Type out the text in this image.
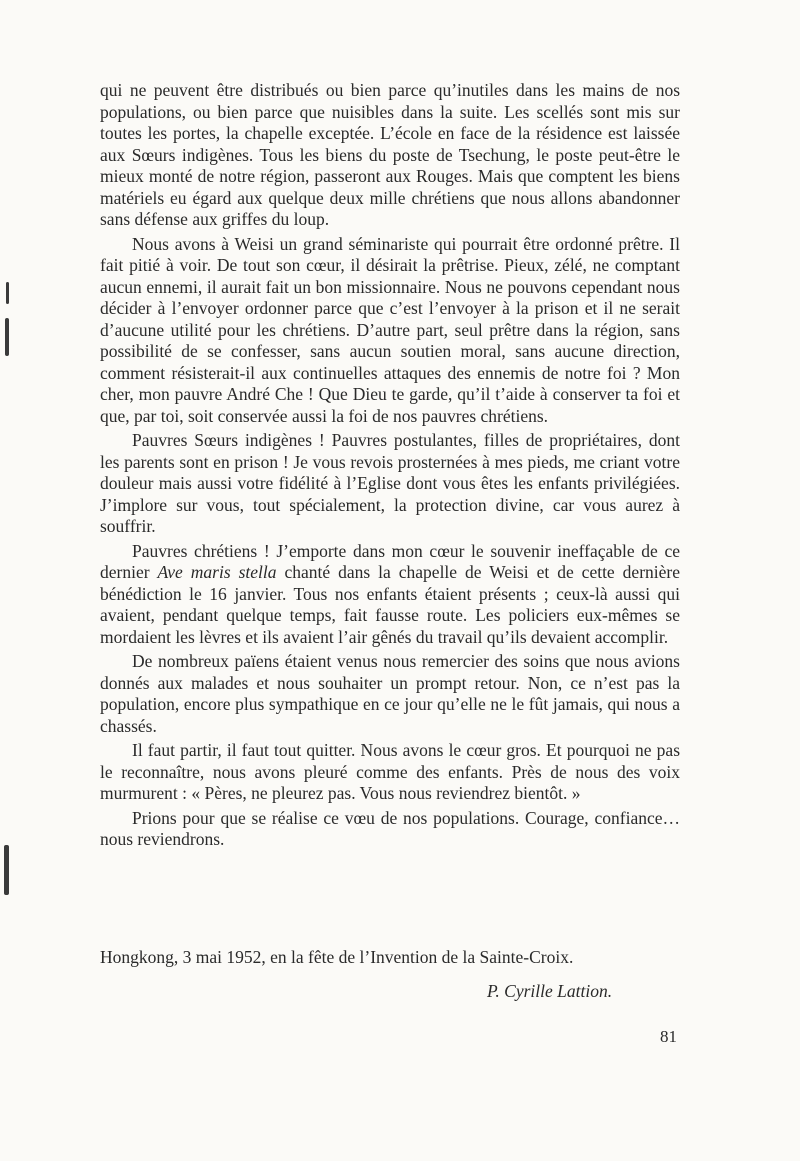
qui ne peuvent être distribués ou bien parce qu’inutiles dans les mains de nos populations, ou bien parce que nuisibles dans la suite. Les scellés sont mis sur toutes les portes, la chapelle exceptée. L’école en face de la résidence est laissée aux Sœurs indigènes. Tous les biens du poste de Tsechung, le poste peut-être le mieux monté de notre région, passeront aux Rouges. Mais que comptent les biens matériels eu égard aux quelque deux mille chrétiens que nous allons abandonner sans défense aux griffes du loup.

Nous avons à Weisi un grand séminariste qui pourrait être ordonné prêtre. Il fait pitié à voir. De tout son cœur, il désirait la prêtrise. Pieux, zélé, ne comptant aucun ennemi, il aurait fait un bon missionnaire. Nous ne pouvons cependant nous décider à l’envoyer ordonner parce que c’est l’envoyer à la prison et il ne serait d’aucune utilité pour les chrétiens. D’autre part, seul prêtre dans la région, sans possibilité de se confesser, sans aucun soutien moral, sans aucune direction, comment résisterait-il aux continuelles attaques des ennemis de notre foi ? Mon cher, mon pauvre André Che ! Que Dieu te garde, qu’il t’aide à conserver ta foi et que, par toi, soit conservée aussi la foi de nos pauvres chrétiens.

Pauvres Sœurs indigènes ! Pauvres postulantes, filles de propriétaires, dont les parents sont en prison ! Je vous revois prosternées à mes pieds, me criant votre douleur mais aussi votre fidélité à l’Eglise dont vous êtes les enfants privilégiées. J’implore sur vous, tout spécialement, la protection divine, car vous aurez à souffrir.

Pauvres chrétiens ! J’emporte dans mon cœur le souvenir ineffaçable de ce dernier Ave maris stella chanté dans la chapelle de Weisi et de cette dernière bénédiction le 16 janvier. Tous nos enfants étaient présents ; ceux-là aussi qui avaient, pendant quelque temps, fait fausse route. Les policiers eux-mêmes se mordaient les lèvres et ils avaient l’air gênés du travail qu’ils devaient accomplir.

De nombreux païens étaient venus nous remercier des soins que nous avions donnés aux malades et nous souhaiter un prompt retour. Non, ce n’est pas la population, encore plus sympathique en ce jour qu’elle ne le fût jamais, qui nous a chassés.

Il faut partir, il faut tout quitter. Nous avons le cœur gros. Et pourquoi ne pas le reconnaître, nous avons pleuré comme des enfants. Près de nous des voix murmurent : « Pères, ne pleurez pas. Vous nous reviendrez bientôt. »

Prions pour que se réalise ce vœu de nos populations. Courage, confiance… nous reviendrons.

Hongkong, 3 mai 1952, en la fête de l’Invention de la Sainte-Croix.
P. Cyrille Lattion.
81
